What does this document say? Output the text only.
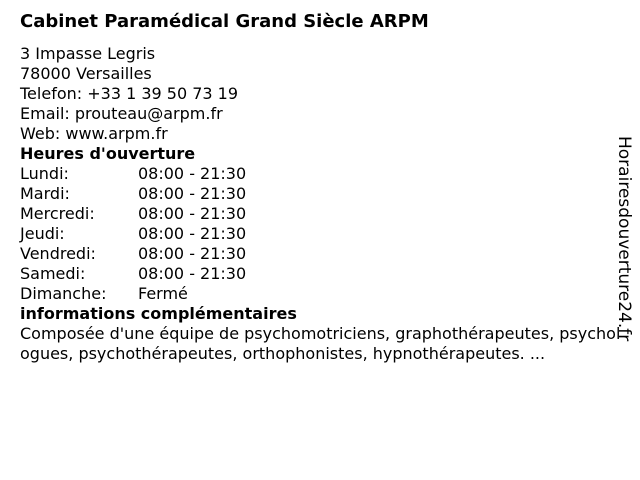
Cabinet Paramédical Grand Siècle ARPM
3 Impasse Legris
78000 Versailles
Telefon: +33 1 39 50 73 19
Email: prouteau@arpm.fr
Web: www.arpm.fr
Heures d'ouverture
Lundi:	08:00 - 21:30
Mardi:	08:00 - 21:30
Mercredi:	08:00 - 21:30
Jeudi:	08:00 - 21:30
Vendredi:	08:00 - 21:30
Samedi:	08:00 - 21:30
Dimanche:	Fermé
informations complémentaires

Composée d'une équipe de psychomotriciens, graphothérapeutes, psychologues, psychothérapeutes, orthophonistes, hypnothérapeutes. ...

Horairesdouverture24.fr
